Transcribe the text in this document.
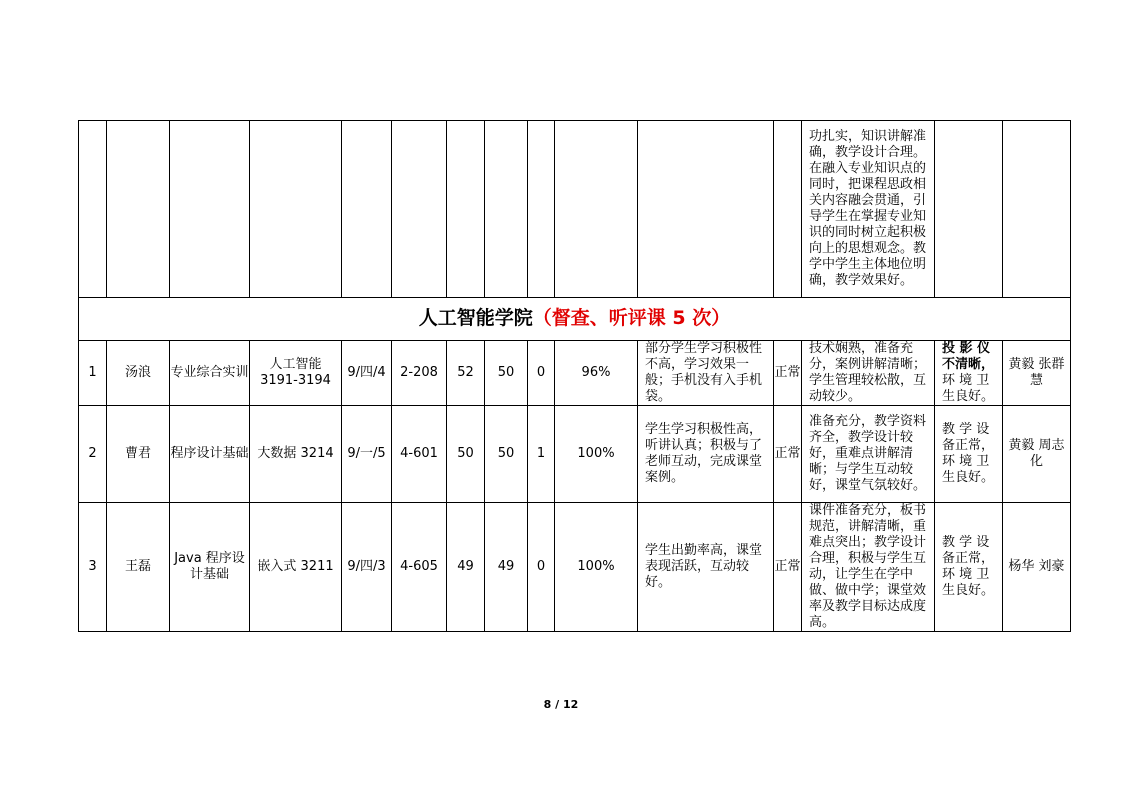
												功扎实，知识讲解准确，教学设计合理。在融入专业知识点的同时，把课程思政相关内容融会贯通，引导学生在掌握专业知识的同时树立起积极向上的思想观念。教学中学生主体地位明确，教学效果好。		
人工智能学院（督查、听评课 5 次）														
1	汤浪	专业综合实训	人工智能 3191-3194	9/四/4	2-208	52	50	0	96%	部分学生学习积极性不高，学习效果一般；手机没有入手机袋。	正常	技术娴熟，准备充分，案例讲解清晰；学生管理较松散，互动较少。	投 影 仪不清晰，环 境 卫生良好。	黄毅 张群慧
2	曹君	程序设计基础	大数据 3214	9/一/5	4-601	50	50	1	100%	学生学习积极性高，听讲认真；积极与了老师互动，完成课堂案例。	正常	准备充分，教学资料齐全，教学设计较好，重难点讲解清晰；与学生互动较好，课堂气氛较好。	教 学 设备正常，环 境 卫生良好。	黄毅 周志化
3	王磊	Java 程序设计基础	嵌入式 3211	9/四/3	4-605	49	49	0	100%	学生出勤率高，课堂表现活跃，互动较好。	正常	课件准备充分，板书规范，讲解清晰，重难点突出；教学设计合理，积极与学生互动，让学生在学中做、做中学；课堂效率及教学目标达成度高。	教 学 设备正常，环 境 卫生良好。	杨华 刘豪
8 / 12
